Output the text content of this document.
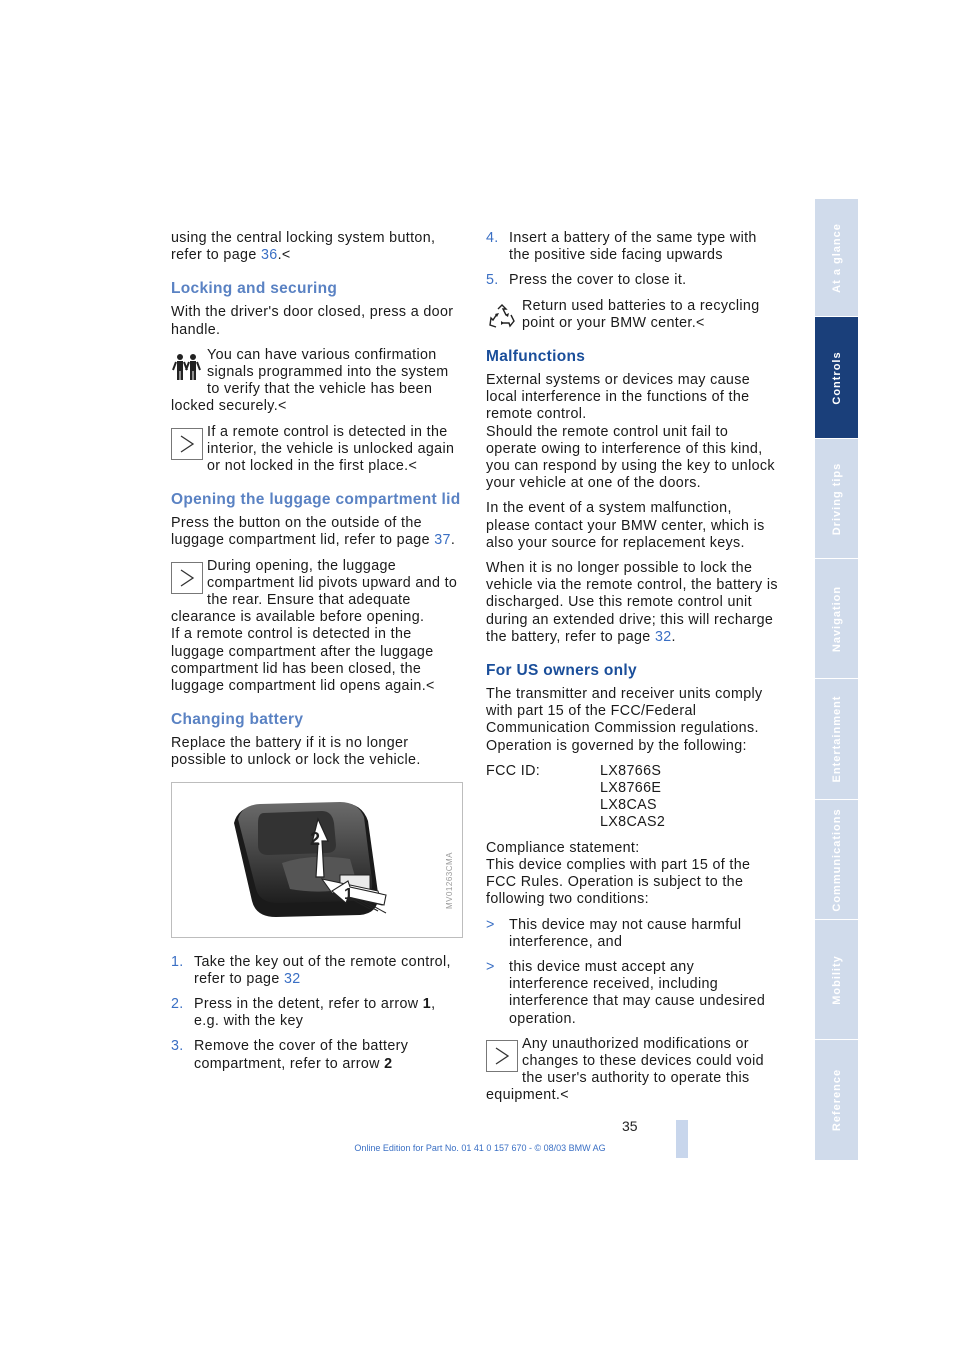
using the central locking system button, refer to page 36.<

Locking and securing

With the driver's door closed, press a door handle.

You can have various confirmation signals programmed into the system to verify that the vehicle has been locked securely.<
If a remote control is detected in the interior, the vehicle is unlocked again or not locked in the first place.<
Opening the luggage compartment lid

Press the button on the outside of the luggage compartment lid, refer to page 37.

During opening, the luggage compartment lid pivots upward and to the rear. Ensure that adequate clearance is available before opening.
If a remote control is detected in the luggage compartment after the luggage compartment lid has been closed, the luggage compartment lid opens again.<
Changing battery

Replace the battery if it is no longer possible to unlock or lock the vehicle.

2
1	MV01263CMA
1. Take the key out of the remote control, refer to page 32
2. Press in the detent, refer to arrow 1, e.g. with the key
3. Remove the cover of the battery compartment, refer to arrow 2
4. Insert a battery of the same type with the positive side facing upwards
5. Press the cover to close it.
Return used batteries to a recycling point or your BMW center.<
Malfunctions

External systems or devices may cause local interference in the functions of the remote control.
Should the remote control unit fail to operate owing to interference of this kind, you can respond by using the key to unlock your vehicle at one of the doors.

In the event of a system malfunction, please contact your BMW center, which is also your source for replacement keys.

When it is no longer possible to lock the vehicle via the remote control, the battery is discharged. Use this remote control unit during an extended drive; this will recharge the battery, refer to page 32.

For US owners only

The transmitter and receiver units comply with part 15 of the FCC/Federal Communication Commission regulations. Operation is governed by the following:

FCC ID:	LX8766S
LX8766E
LX8CAS
LX8CAS2

Compliance statement:
This device complies with part 15 of the FCC Rules. Operation is subject to the following two conditions:

> This device may not cause harmful interference, and
> this device must accept any interference received, including interference that may cause undesired operation.
Any unauthorized modifications or changes to these devices could void the user's authority to operate this equipment.<
35
Online Edition for Part No. 01 41 0 157 670 - © 08/03 BMW AG
At a glance
Controls
Driving tips
Navigation
Entertainment
Communications
Mobility
Reference
